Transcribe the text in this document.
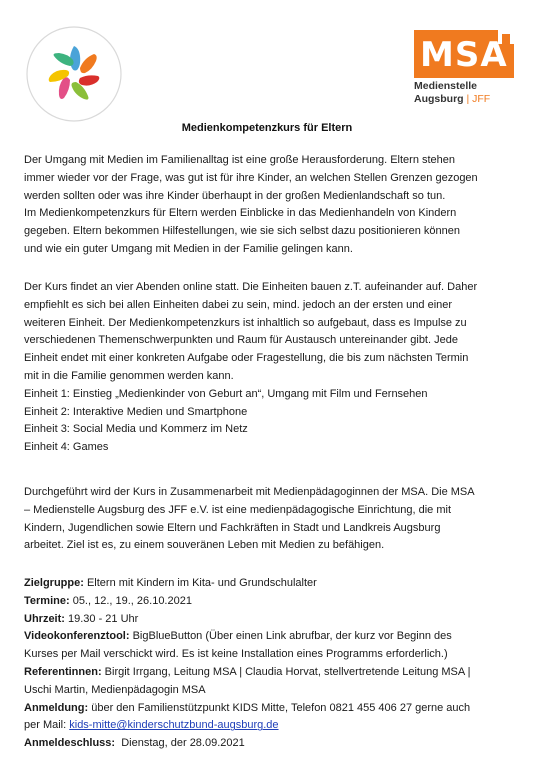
MSA
Medienstelle
Augsburg | JFF
Medienkompetenzkurs für Eltern
Der Umgang mit Medien im Familienalltag ist eine große Herausforderung. Eltern stehen
immer wieder vor der Frage, was gut ist für ihre Kinder, an welchen Stellen Grenzen gezogen
werden sollten oder was ihre Kinder überhaupt in der großen Medienlandschaft so tun.
Im Medienkompetenzkurs für Eltern werden Einblicke in das Medienhandeln von Kindern
gegeben. Eltern bekommen Hilfestellungen, wie sie sich selbst dazu positionieren können
und wie ein guter Umgang mit Medien in der Familie gelingen kann.
Der Kurs findet an vier Abenden online statt. Die Einheiten bauen z.T. aufeinander auf. Daher
empfiehlt es sich bei allen Einheiten dabei zu sein, mind. jedoch an der ersten und einer
weiteren Einheit. Der Medienkompetenzkurs ist inhaltlich so aufgebaut, dass es Impulse zu
verschiedenen Themenschwerpunkten und Raum für Austausch untereinander gibt. Jede
Einheit endet mit einer konkreten Aufgabe oder Fragestellung, die bis zum nächsten Termin
mit in die Familie genommen werden kann.
Einheit 1: Einstieg „Medienkinder von Geburt an“, Umgang mit Film und Fernsehen
Einheit 2: Interaktive Medien und Smartphone
Einheit 3: Social Media und Kommerz im Netz
Einheit 4: Games
Durchgeführt wird der Kurs in Zusammenarbeit mit Medienpädagoginnen der MSA. Die MSA
– Medienstelle Augsburg des JFF e.V. ist eine medienpädagogische Einrichtung, die mit
Kindern, Jugendlichen sowie Eltern und Fachkräften in Stadt und Landkreis Augsburg
arbeitet. Ziel ist es, zu einem souveränen Leben mit Medien zu befähigen.
Zielgruppe: Eltern mit Kindern im Kita- und Grundschulalter
Termine: 05., 12., 19., 26.10.2021
Uhrzeit: 19.30 - 21 Uhr
Videokonferenztool: BigBlueButton (Über einen Link abrufbar, der kurz vor Beginn des
Kurses per Mail verschickt wird. Es ist keine Installation eines Programms erforderlich.)
Referentinnen: Birgit Irrgang, Leitung MSA | Claudia Horvat, stellvertretende Leitung MSA |
Uschi Martin, Medienpädagogin MSA
Anmeldung: über den Familienstützpunkt KIDS Mitte, Telefon 0821 455 406 27 gerne auch
per Mail: kids-mitte@kinderschutzbund-augsburg.de
Anmeldeschluss:  Dienstag, der 28.09.2021
